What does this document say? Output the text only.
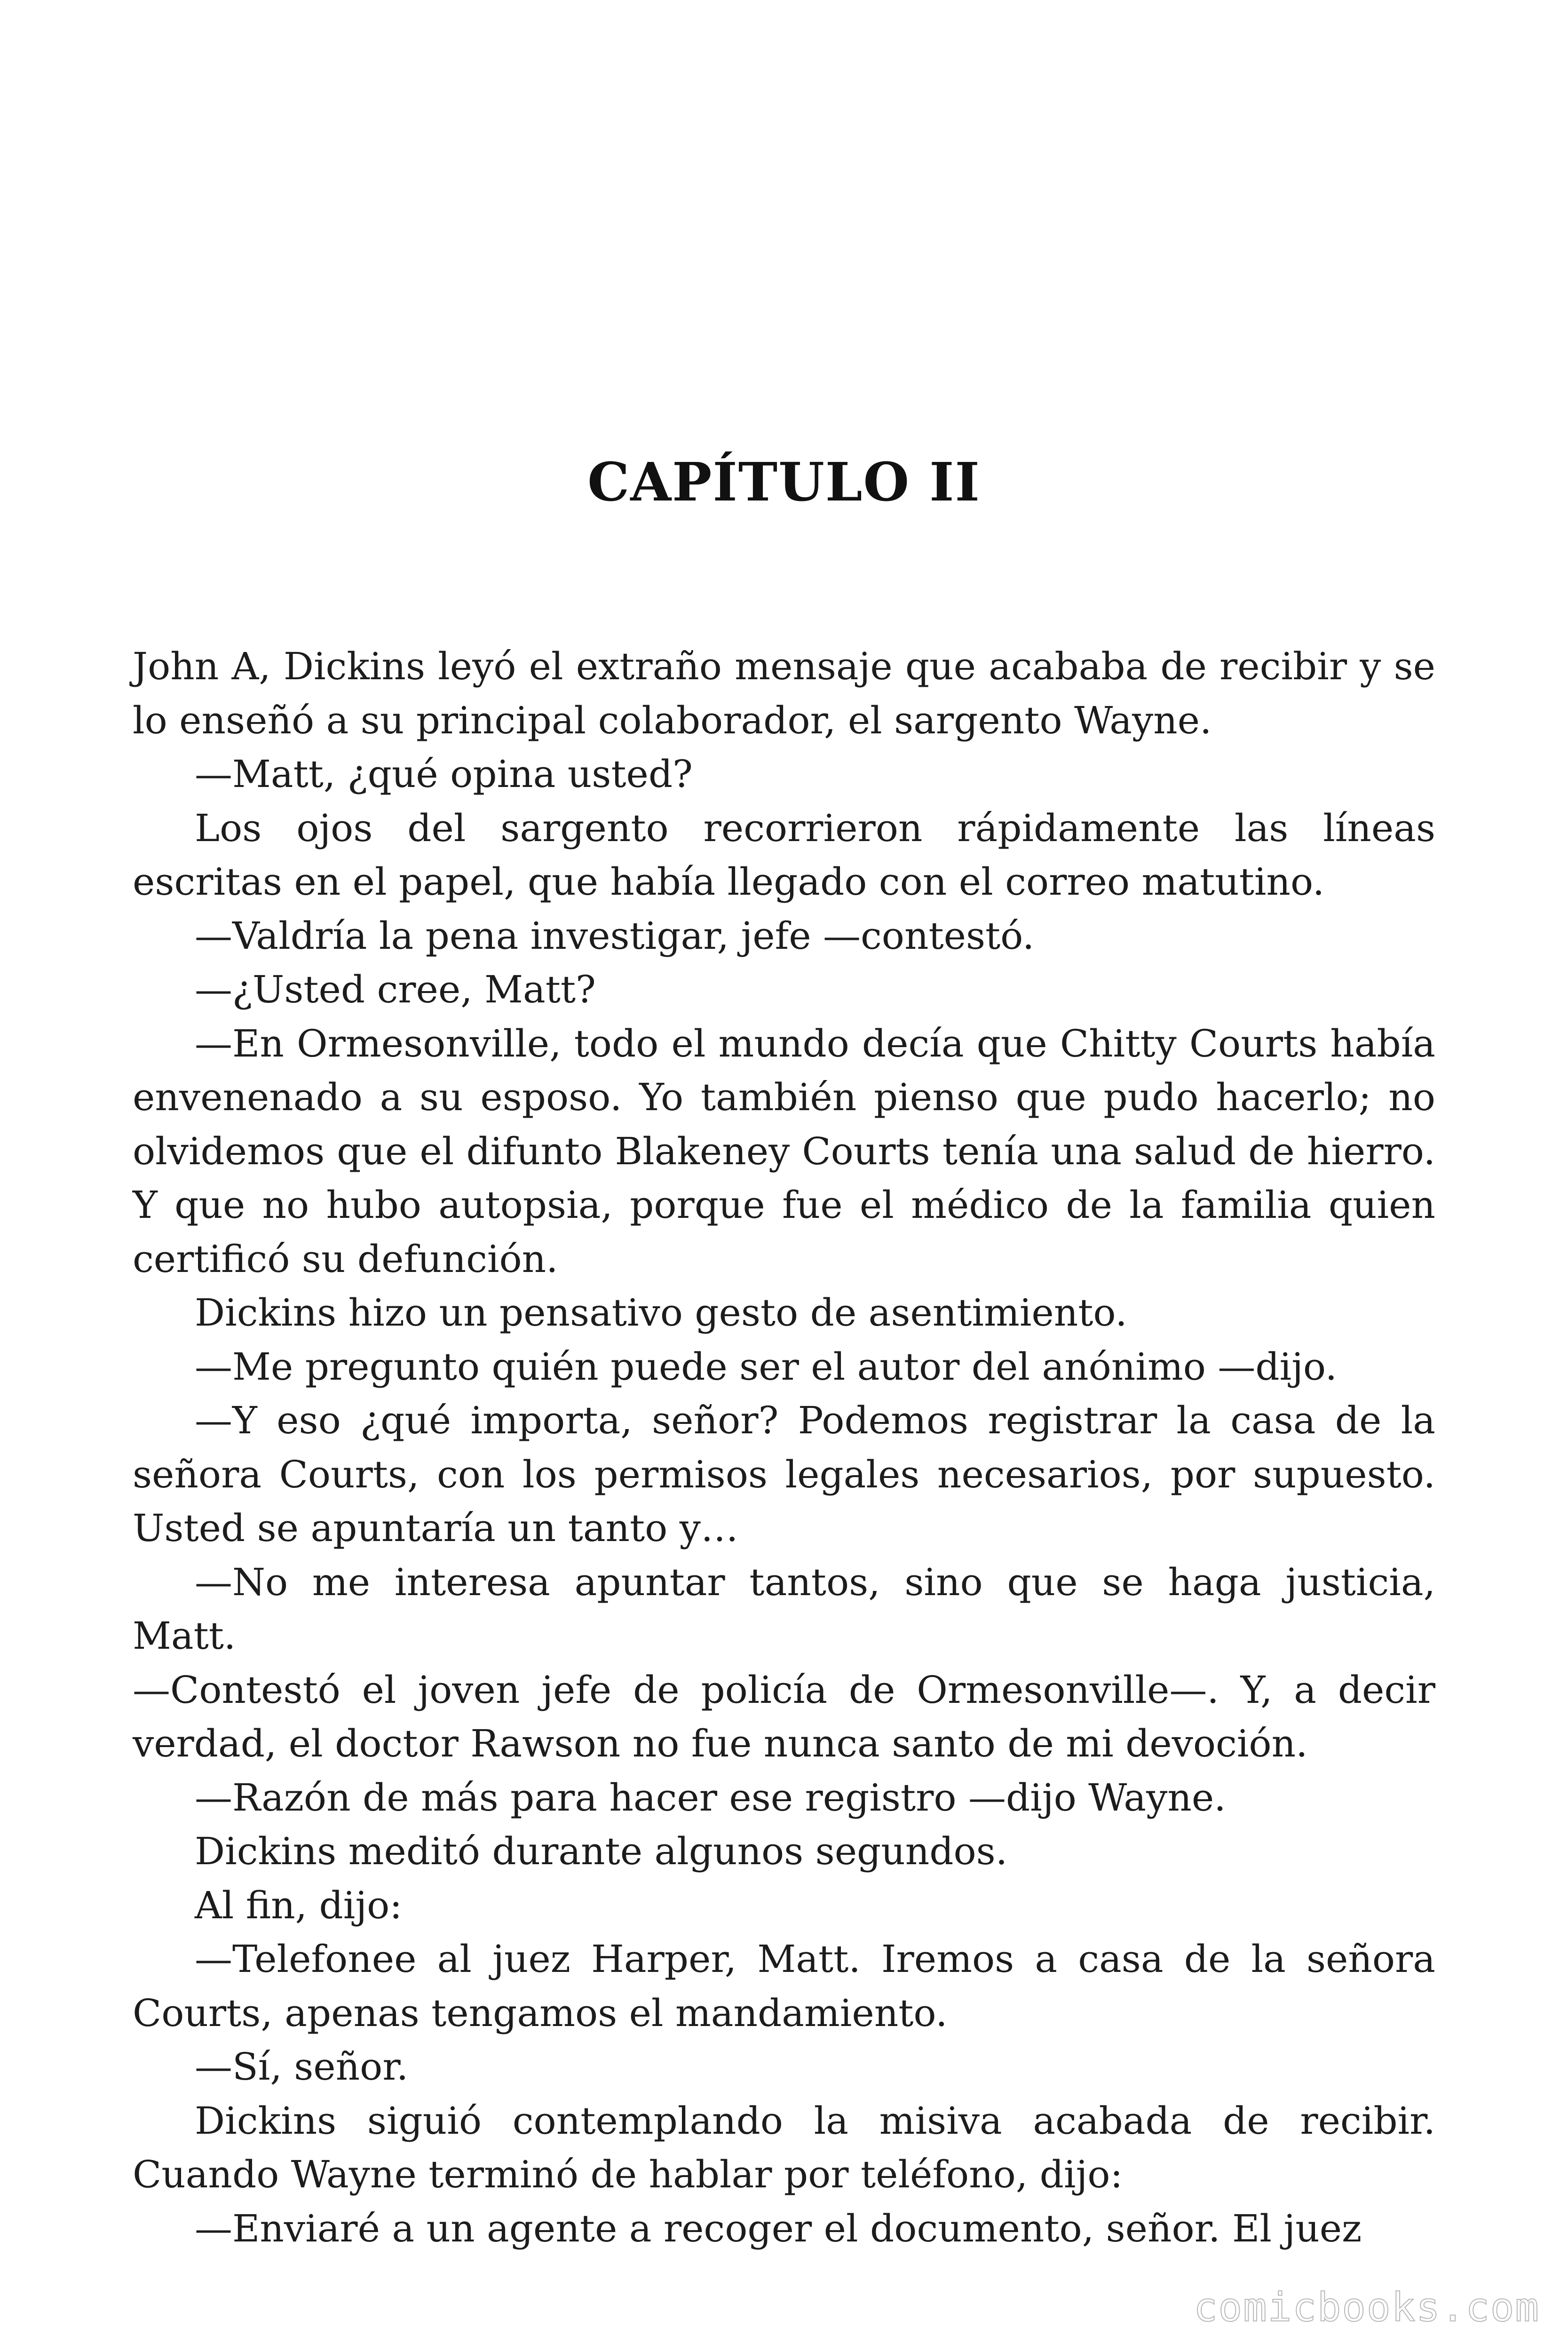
CAPÍTULO II

John A, Dickins leyó el extraño mensaje que acababa de recibir y se lo enseñó a su principal colaborador, el sargento Wayne.

—Matt, ¿qué opina usted?

Los ojos del sargento recorrieron rápidamente las líneas escritas en el papel, que había llegado con el correo matutino.

—Valdría la pena investigar, jefe —contestó.

—¿Usted cree, Matt?

—En Ormesonville, todo el mundo decía que Chitty Courts había envenenado a su esposo. Yo también pienso que pudo hacerlo; no olvidemos que el difunto Blakeney Courts tenía una salud de hierro. Y que no hubo autopsia, porque fue el médico de la familia quien certificó su defunción.

Dickins hizo un pensativo gesto de asentimiento.

—Me pregunto quién puede ser el autor del anónimo —dijo.

—Y eso ¿qué importa, señor? Podemos registrar la casa de la señora Courts, con los permisos legales necesarios, por supuesto. Usted se apuntaría un tanto y…

—No me interesa apuntar tantos, sino que se haga justicia, Matt.

—Contestó el joven jefe de policía de Ormesonville—. Y, a decir verdad, el doctor Rawson no fue nunca santo de mi devoción.

—Razón de más para hacer ese registro —dijo Wayne.

Dickins meditó durante algunos segundos.

Al fin, dijo:

—Telefonee al juez Harper, Matt. Iremos a casa de la señora Courts, apenas tengamos el mandamiento.

—Sí, señor.

Dickins siguió contemplando la misiva acabada de recibir. Cuando Wayne terminó de hablar por teléfono, dijo:

—Enviaré a un agente a recoger el documento, señor. El juez

comicbooks.com
